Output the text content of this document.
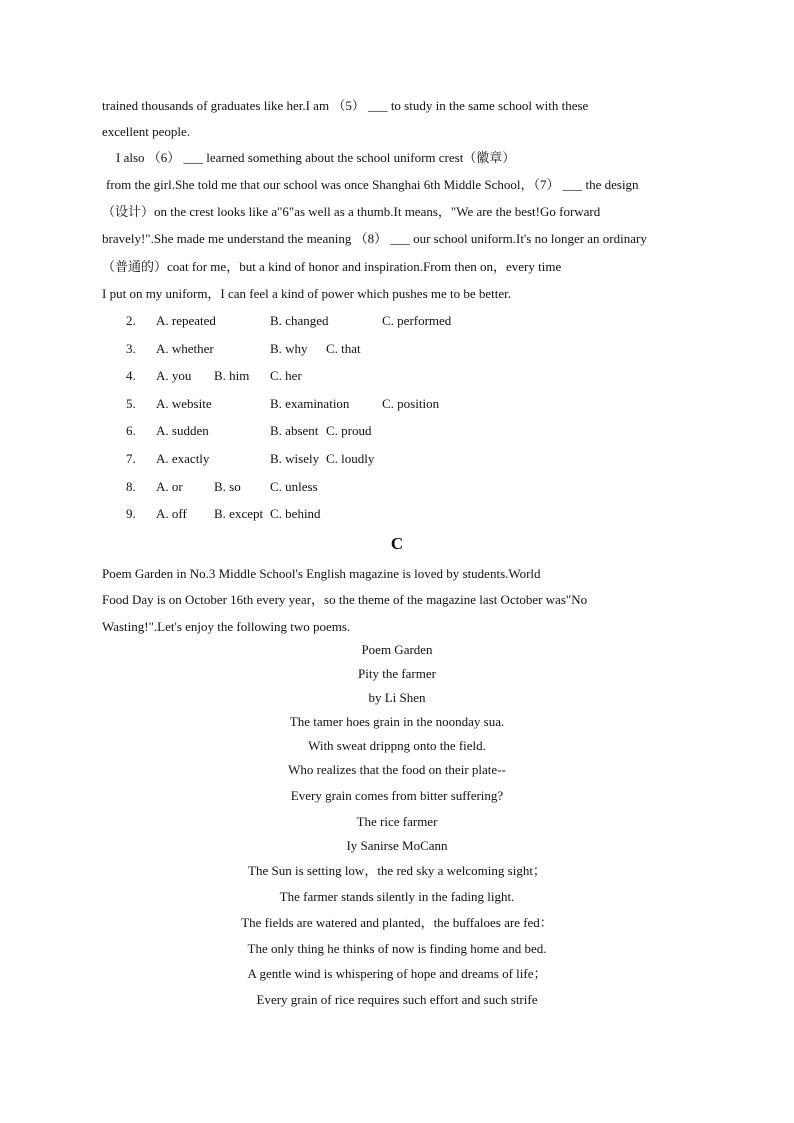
trained thousands of graduates like her.I am （5） ___ to study in the same school with these
excellent people.
I also （6） ___ learned something about the school uniform crest（徽章）
from the girl.She told me that our school was once Shanghai 6th Middle School，（7） ___ the design
（设计）on the crest looks like a"6"as well as a thumb.It means，"We are the best!Go forward
bravely!".She made me understand the meaning （8） ___ our school uniform.It's no longer an ordinary
（普通的）coat for me，but a kind of honor and inspiration.From then on，every time
I put on my uniform，I can feel a kind of power which pushes me to be better.
2. A. repeated	B. changed	C. performed
3. A. whether	B. why C. that
4. A. you B. him C. her
5. A. website	B. examination	C. position
6. A. sudden	B. absent C. proud
7. A. exactly	B. wisely C. loudly
8. A. or B. so C. unless
9. A. off B. except C. behind
C
Poem Garden in No.3 Middle School's English magazine is loved by students.World
Food Day is on October 16th every year，so the theme of the magazine last October was"No
Wasting!".Let's enjoy the following two poems.
Poem Garden
Pity the farmer
by Li Shen
The tamer hoes grain in the noonday sua.
With sweat drippng onto the field.
Who realizes that the food on their plate--
Every grain comes from bitter suffering?
The rice farmer
Iy Sanirse MoCann
The Sun is setting low，the red sky a welcoming sight；
The farmer stands silently in the fading light.
The fields are watered and planted，the buffaloes are fed：
The only thing he thinks of now is finding home and bed.
A gentle wind is whispering of hope and dreams of life；
Every grain of rice requires such effort and such strife
